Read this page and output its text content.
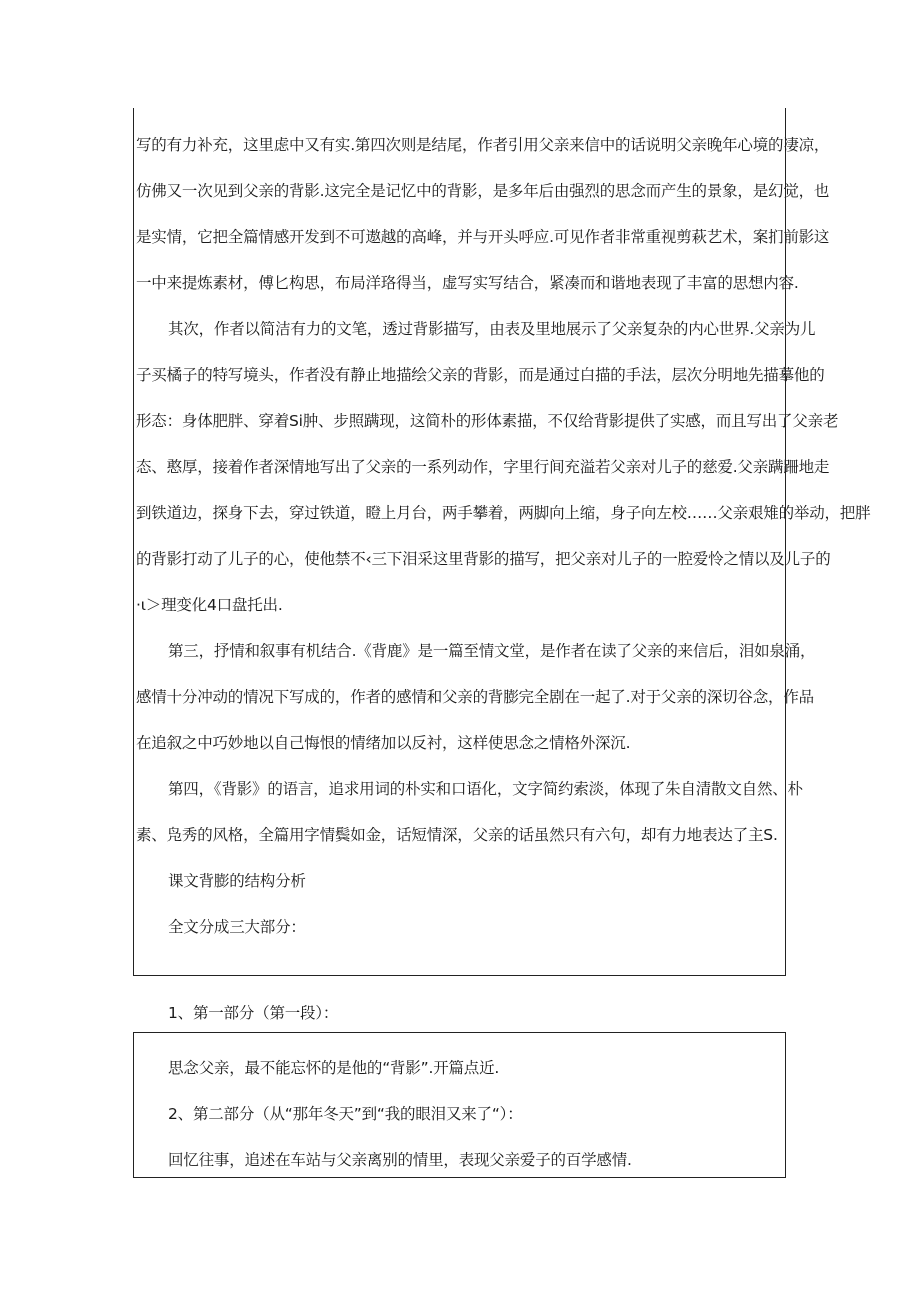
写的有力补充，这里虑中又有实.第四次则是结尾，作者引用父亲来信中的话说明父亲晚年心境的凄凉，
仿佛又一次见到父亲的背影.这完全是记忆中的背影，是多年后由强烈的思念而产生的景象，是幻觉，也
是实情，它把全篇情感开发到不可遨越的高峰，并与开头呼应.可见作者非常重视剪萩艺术，案扪前影这
一中来提炼素材，傅匕构思，布局洋珞得当，虚写实写结合，紧凑而和谐地表现了丰富的思想内容.
其次，作者以简洁有力的文笔，透过背影描写，由表及里地展示了父亲复杂的内心世界.父亲为儿
子买橘子的特写境头，作者没有静止地描绘父亲的背影，而是通过白描的手法，层次分明地先描摹他的
形态：身体肥胖、穿着Si肿、步照蹒现，这简朴的形体素描，不仅给背影提供了实感，而且写出了父亲老
态、憨厚，接着作者深情地写出了父亲的一系列动作，字里行间充溢若父亲对儿子的慈爱.父亲蹒跚地走
到铁道边，探身下去，穿过铁道，瞪上月台，两手攀着，两脚向上缩，身子向左校……父亲艰雉的举动，把胖
的背影打动了儿子的心，使他禁不‹三下泪采这里背影的描写，把父亲对儿子的一腔爱怜之情以及儿子的
·ι＞理变化4口盘托出.
第三，抒情和叙事有机结合.《背鹿》是一篇至情文堂，是作者在读了父亲的来信后，泪如泉涌，
感情十分冲动的情况下写成的，作者的感情和父亲的背膨完全剧在一起了.对于父亲的深切谷念，作品
在追叙之中巧妙地以自己悔恨的情绪加以反衬，这样使思念之情格外深沉.
第四，《背影》的语言，追求用词的朴实和口语化，文字简约索淡，体现了朱自清散文自然、朴
素、凫秀的风格，全篇用字情鬓如金，话短情深，父亲的话虽然只有六句，却有力地表达了主S.
课文背膨的结构分析
全文分成三大部分：
1、第一部分（第一段）：
思念父亲，最不能忘怀的是他的“背影”.开篇点近.
2、第二部分（从“那年冬天”到“我的眼泪又来了“）：
回忆往事，追述在车站与父亲离别的情里，表现父亲爱子的百学感情.
